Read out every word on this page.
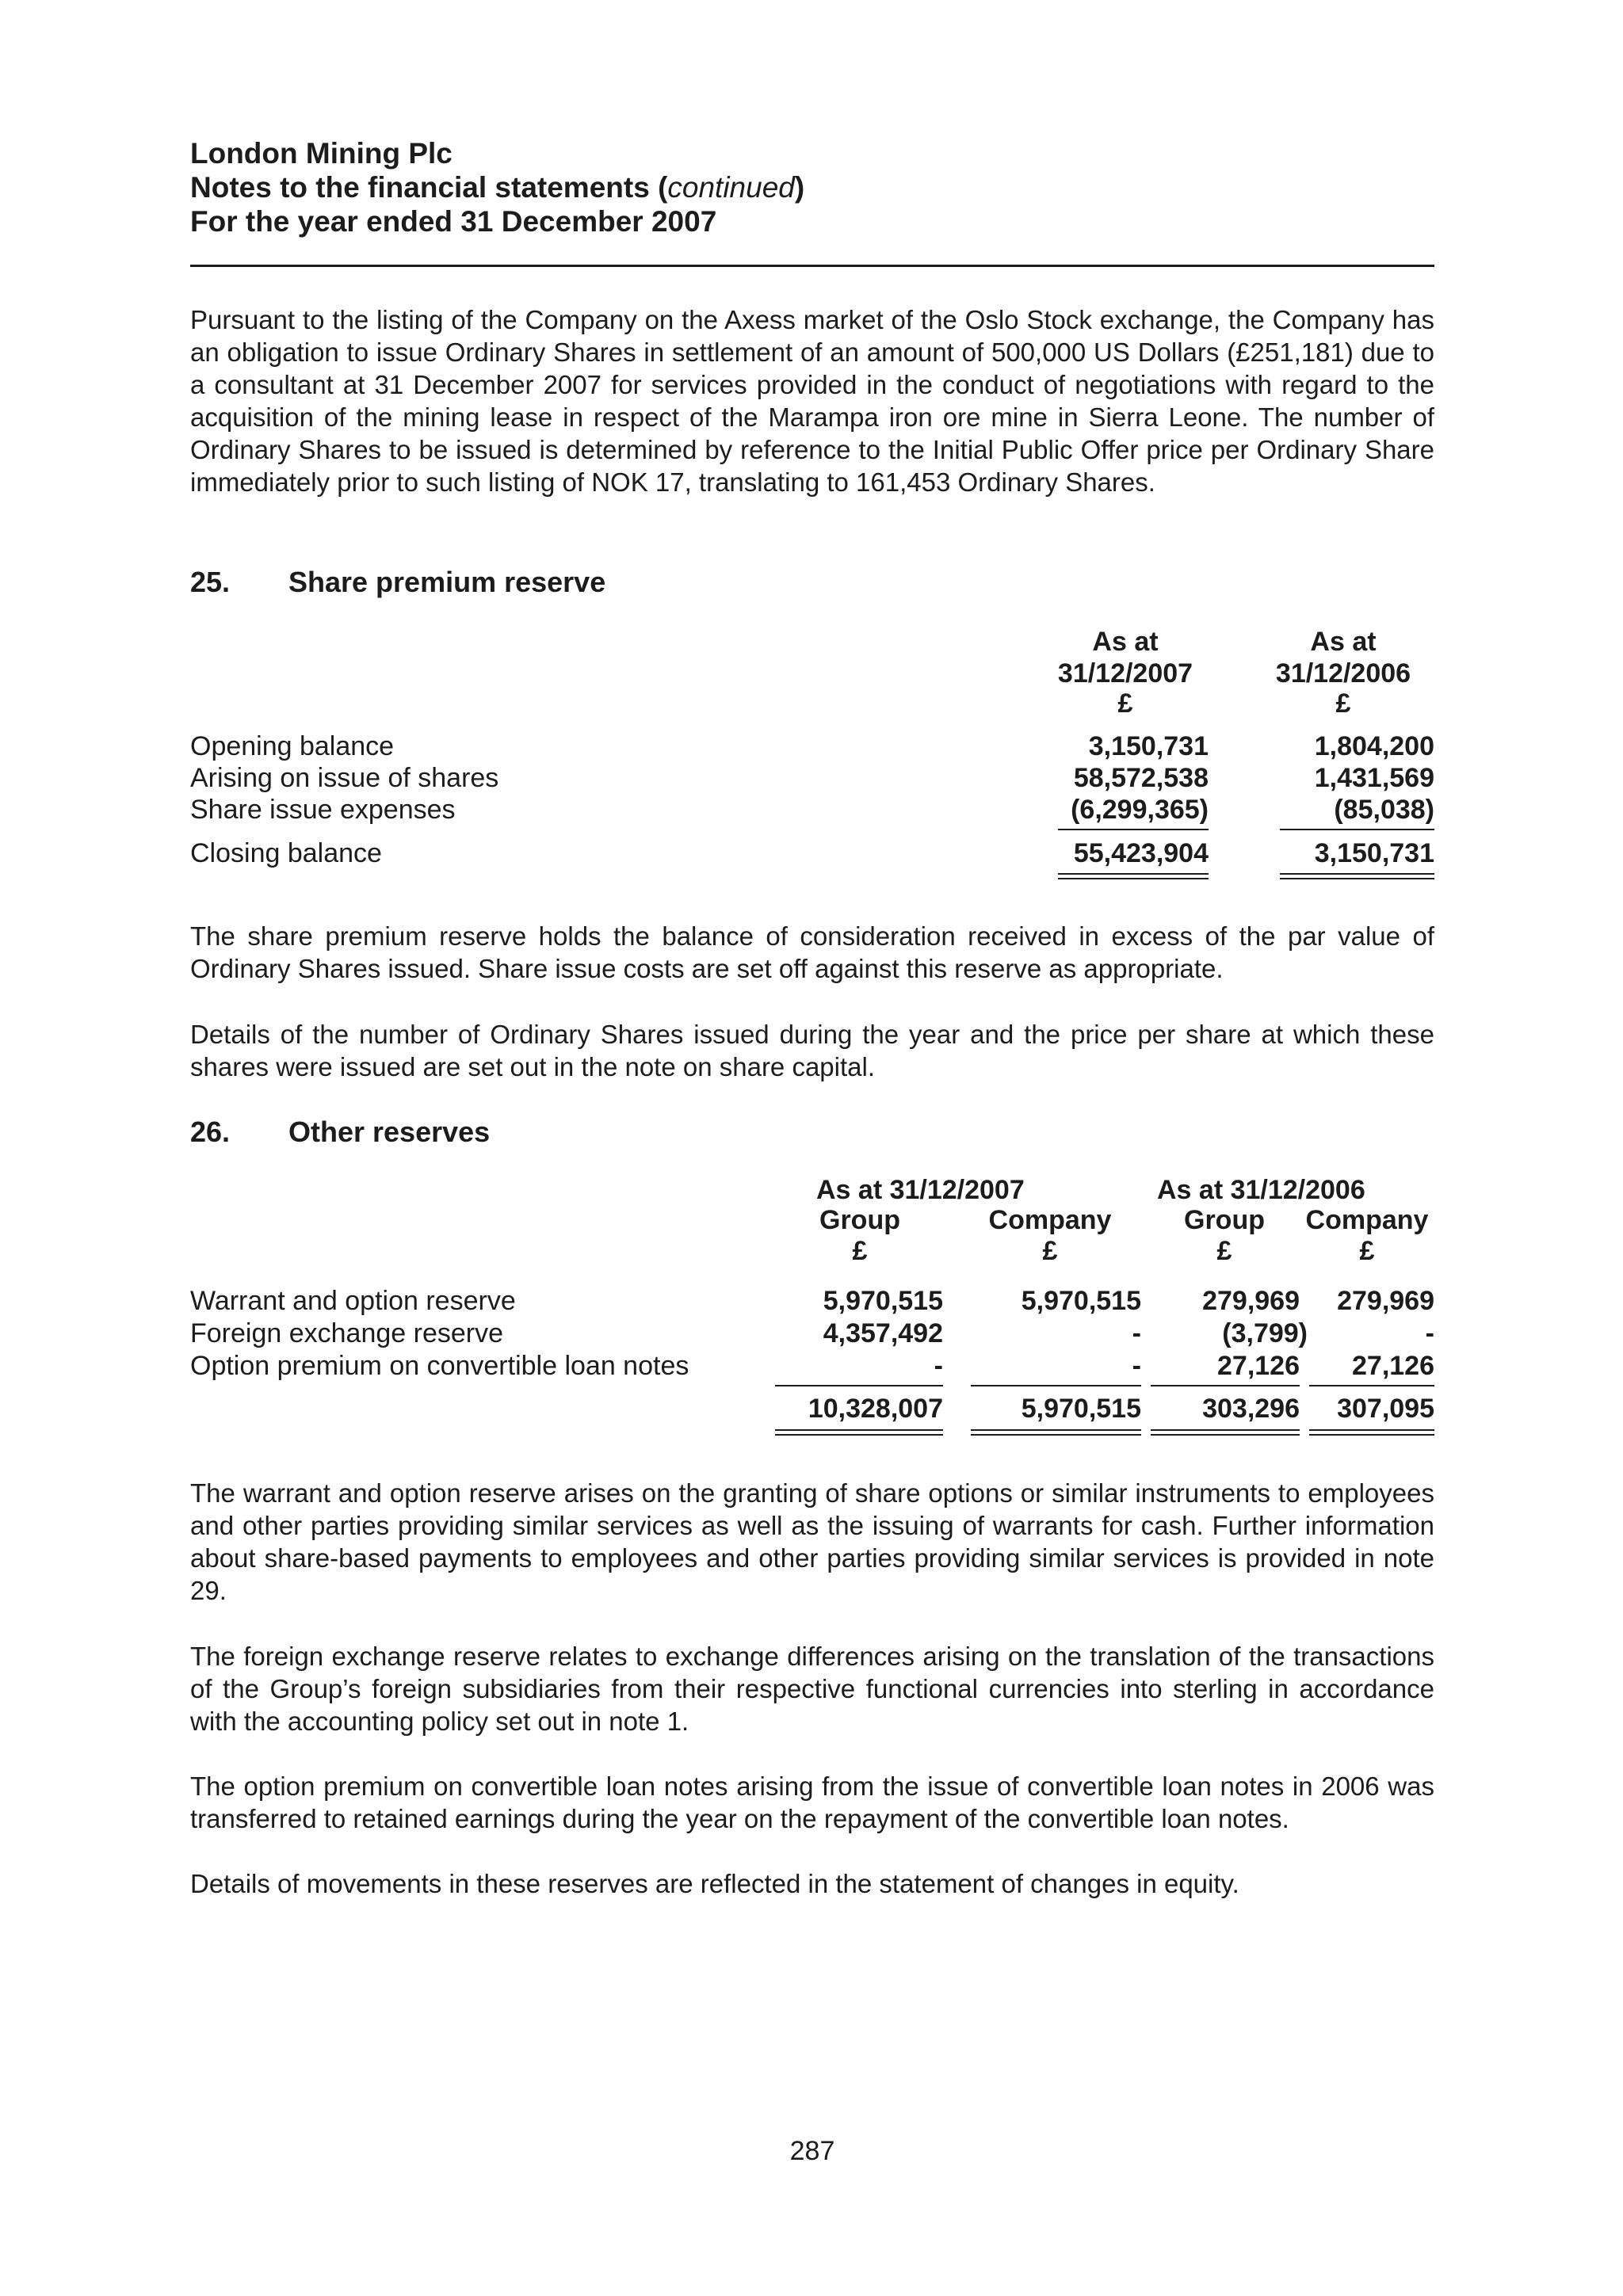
London Mining Plc
Notes to the financial statements (continued)
For the year ended 31 December 2007
Pursuant to the listing of the Company on the Axess market of the Oslo Stock exchange, the Company has an obligation to issue Ordinary Shares in settlement of an amount of 500,000 US Dollars (£251,181) due to a consultant at 31 December 2007 for services provided in the conduct of negotiations with regard to the acquisition of the mining lease in respect of the Marampa iron ore mine in Sierra Leone. The number of Ordinary Shares to be issued is determined by reference to the Initial Public Offer price per Ordinary Share immediately prior to such listing of NOK 17, translating to 161,453 Ordinary Shares.
25. Share premium reserve
As at
31/12/2007
£
As at
31/12/2006
£
Opening balance	3,150,731	1,804,200
Arising on issue of shares	58,572,538	1,431,569
Share issue expenses	(6,299,365)	(85,038)
Closing balance	55,423,904	3,150,731
The share premium reserve holds the balance of consideration received in excess of the par value of Ordinary Shares issued. Share issue costs are set off against this reserve as appropriate.
Details of the number of Ordinary Shares issued during the year and the price per share at which these shares were issued are set out in the note on share capital.
26. Other reserves
As at 31/12/2007	As at 31/12/2006
Group	Company	Group	Company
£	£	£	£
Warrant and option reserve	5,970,515	5,970,515	279,969	279,969
Foreign exchange reserve	4,357,492	-	(3,799)	-
Option premium on convertible loan notes	-	-	27,126	27,126
10,328,007	5,970,515	303,296	307,095
The warrant and option reserve arises on the granting of share options or similar instruments to employees and other parties providing similar services as well as the issuing of warrants for cash. Further information about share-based payments to employees and other parties providing similar services is provided in note 29.
The foreign exchange reserve relates to exchange differences arising on the translation of the transactions of the Group’s foreign subsidiaries from their respective functional currencies into sterling in accordance with the accounting policy set out in note 1.
The option premium on convertible loan notes arising from the issue of convertible loan notes in 2006 was transferred to retained earnings during the year on the repayment of the convertible loan notes.
Details of movements in these reserves are reflected in the statement of changes in equity.
287
